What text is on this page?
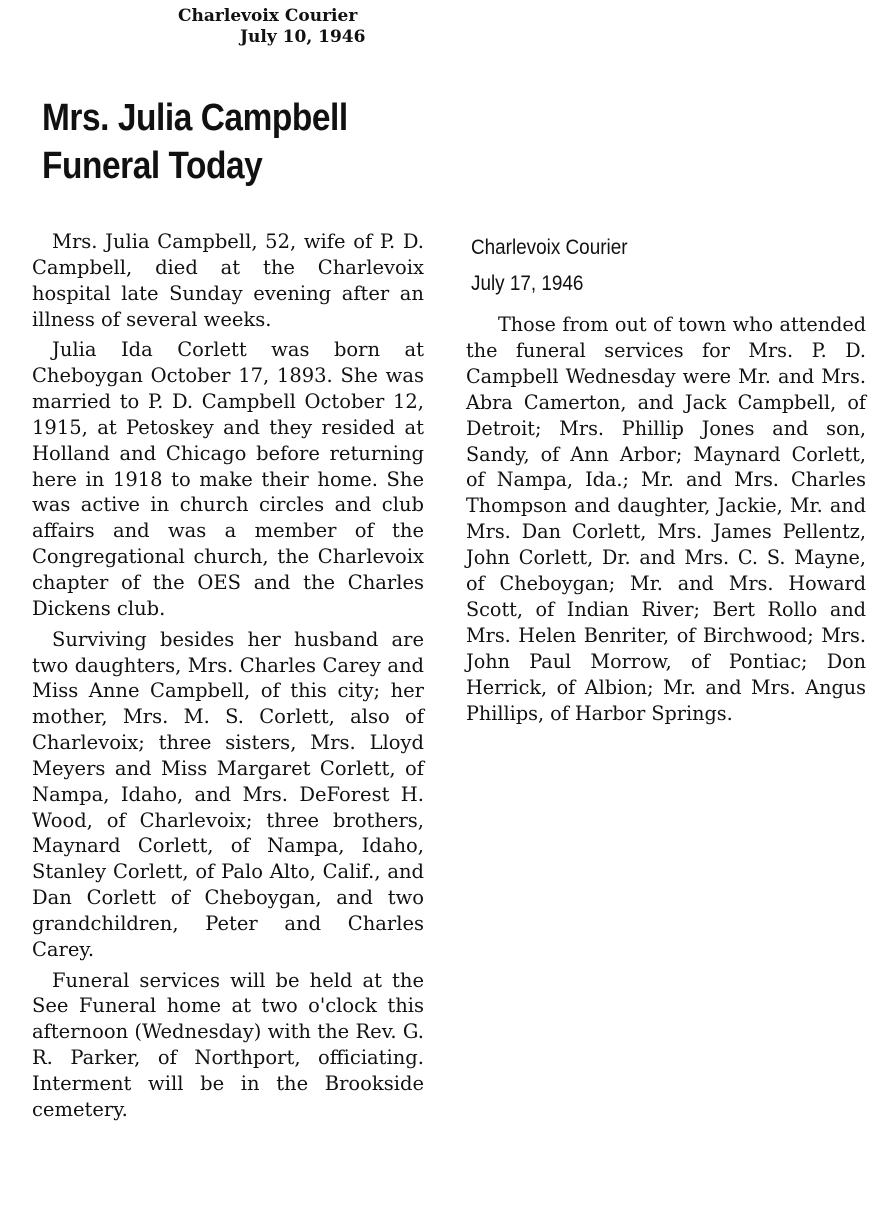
Charlevoix Courier
July 10, 1946
Mrs. Julia Campbell
Funeral Today

Mrs. Julia Campbell, 52, wife of P. D. Campbell, died at the Charlevoix hospital late Sunday evening after an illness of several weeks.

Julia Ida Corlett was born at Cheboygan October 17, 1893. She was married to P. D. Campbell October 12, 1915, at Petoskey and they resided at Holland and Chicago before returning here in 1918 to make their home. She was active in church circles and club affairs and was a member of the Congregational church, the Charlevoix chapter of the OES and the Charles Dickens club.

Surviving besides her husband are two daughters, Mrs. Charles Carey and Miss Anne Campbell, of this city; her mother, Mrs. M. S. Corlett, also of Charlevoix; three sisters, Mrs. Lloyd Meyers and Miss Margaret Corlett, of Nampa, Idaho, and Mrs. DeForest H. Wood, of Charlevoix; three brothers, Maynard Corlett, of Nampa, Idaho, Stanley Corlett, of Palo Alto, Calif., and Dan Corlett of Cheboygan, and two grandchildren, Peter and Charles Carey.

Funeral services will be held at the See Funeral home at two o'clock this afternoon (Wednesday) with the Rev. G. R. Parker, of Northport, officiating. Interment will be in the Brookside cemetery.

Charlevoix Courier
July 17, 1946

Those from out of town who attended the funeral services for Mrs. P. D. Campbell Wednesday were Mr. and Mrs. Abra Camerton, and Jack Campbell, of Detroit; Mrs. Phillip Jones and son, Sandy, of Ann Arbor; Maynard Corlett, of Nampa, Ida.; Mr. and Mrs. Charles Thompson and daughter, Jackie, Mr. and Mrs. Dan Corlett, Mrs. James Pellentz, John Corlett, Dr. and Mrs. C. S. Mayne, of Cheboygan; Mr. and Mrs. Howard Scott, of Indian River; Bert Rollo and Mrs. Helen Benriter, of Birchwood; Mrs. John Paul Morrow, of Pontiac; Don Herrick, of Albion; Mr. and Mrs. Angus Phillips, of Harbor Springs.
